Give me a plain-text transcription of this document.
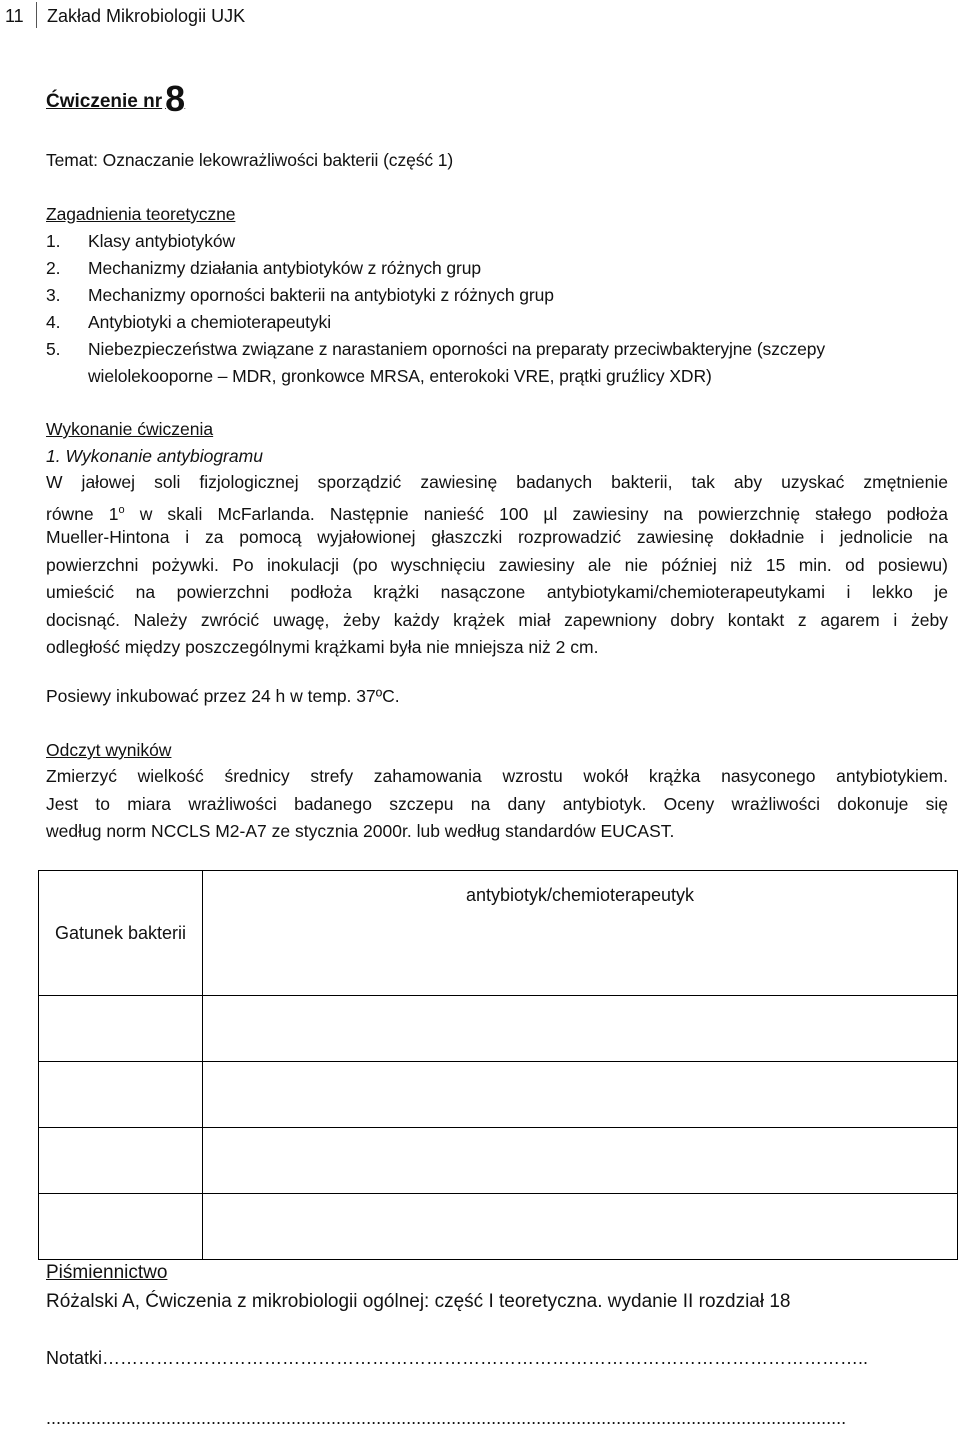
11 Zakład Mikrobiologii UJK
Ćwiczenie nr8
Temat: Oznaczanie lekowrażliwości bakterii (część 1)
Zagadnienia teoretyczne
1. Klasy antybiotyków
2. Mechanizmy działania antybiotyków z różnych grup
3. Mechanizmy oporności bakterii na antybiotyki z różnych grup
4. Antybiotyki a chemioterapeutyki
5. Niebezpieczeństwa związane z narastaniem oporności na preparaty przeciwbakteryjne (szczepy
wielolekooporne – MDR, gronkowce MRSA, enterokoki VRE, prątki gruźlicy XDR)
Wykonanie ćwiczenia
1. Wykonanie antybiogramu
W jałowej soli fizjologicznej sporządzić zawiesinę badanych bakterii, tak aby uzyskać zmętnienie
równe 1$^o$ w skali McFarlanda. Następnie nanieść 100 µl zawiesiny na powierzchnię stałego podłoża
Mueller-Hintona i za pomocą wyjałowionej głaszczki rozprowadzić zawiesinę dokładnie i jednolicie na
powierzchni pożywki. Po inokulacji (po wyschnięciu zawiesiny ale nie później niż 15 min. od posiewu)
umieścić na powierzchni podłoża krążki nasączone antybiotykami/chemioterapeutykami i lekko je
docisnąć. Należy zwrócić uwagę, żeby każdy krążek miał zapewniony dobry kontakt z agarem i żeby
odległość między poszczególnymi krążkami była nie mniejsza niż 2 cm.
Posiewy inkubować przez 24 h w temp. 37ºC.
Odczyt wyników
Zmierzyć wielkość średnicy strefy zahamowania wzrostu wokół krążka nasyconego antybiotykiem.
Jest to miara wrażliwości badanego szczepu na dany antybiotyk. Oceny wrażliwości dokonuje się
według norm NCCLS M2-A7 ze stycznia 2000r. lub według standardów EUCAST.
Gatunek bakterii	antybiotyk/chemioterapeutyk

Piśmiennictwo
Różalski A, Ćwiczenia z mikrobiologii ogólnej: część I teoretyczna. wydanie II rozdział 18
Notatki………………………………………………………………………………………………………………..
................................................................................................................................................................
